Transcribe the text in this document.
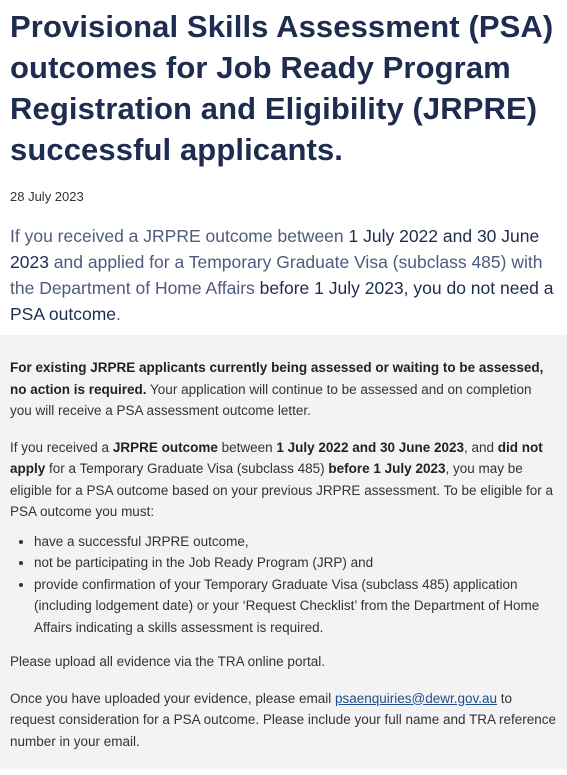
Provisional Skills Assessment (PSA) outcomes for Job Ready Program Registration and Eligibility (JRPRE) successful applicants.
28 July 2023

If you received a JRPRE outcome between 1 July 2022 and 30 June 2023 and applied for a Temporary Graduate Visa (subclass 485) with the Department of Home Affairs before 1 July 2023, you do not need a PSA outcome.

For existing JRPRE applicants currently being assessed or waiting to be assessed, no action is required. Your application will continue to be assessed and on completion you will receive a PSA assessment outcome letter.

If you received a JRPRE outcome between 1 July 2022 and 30 June 2023, and did not apply for a Temporary Graduate Visa (subclass 485) before 1 July 2023, you may be eligible for a PSA outcome based on your previous JRPRE assessment. To be eligible for a PSA outcome you must:

• have a successful JRPRE outcome,
• not be participating in the Job Ready Program (JRP) and
• provide confirmation of your Temporary Graduate Visa (subclass 485) application (including lodgement date) or your ‘Request Checklist’ from the Department of Home Affairs indicating a skills assessment is required.

Please upload all evidence via the TRA online portal.

Once you have uploaded your evidence, please email psaenquiries@dewr.gov.au to request consideration for a PSA outcome. Please include your full name and TRA reference number in your email.
